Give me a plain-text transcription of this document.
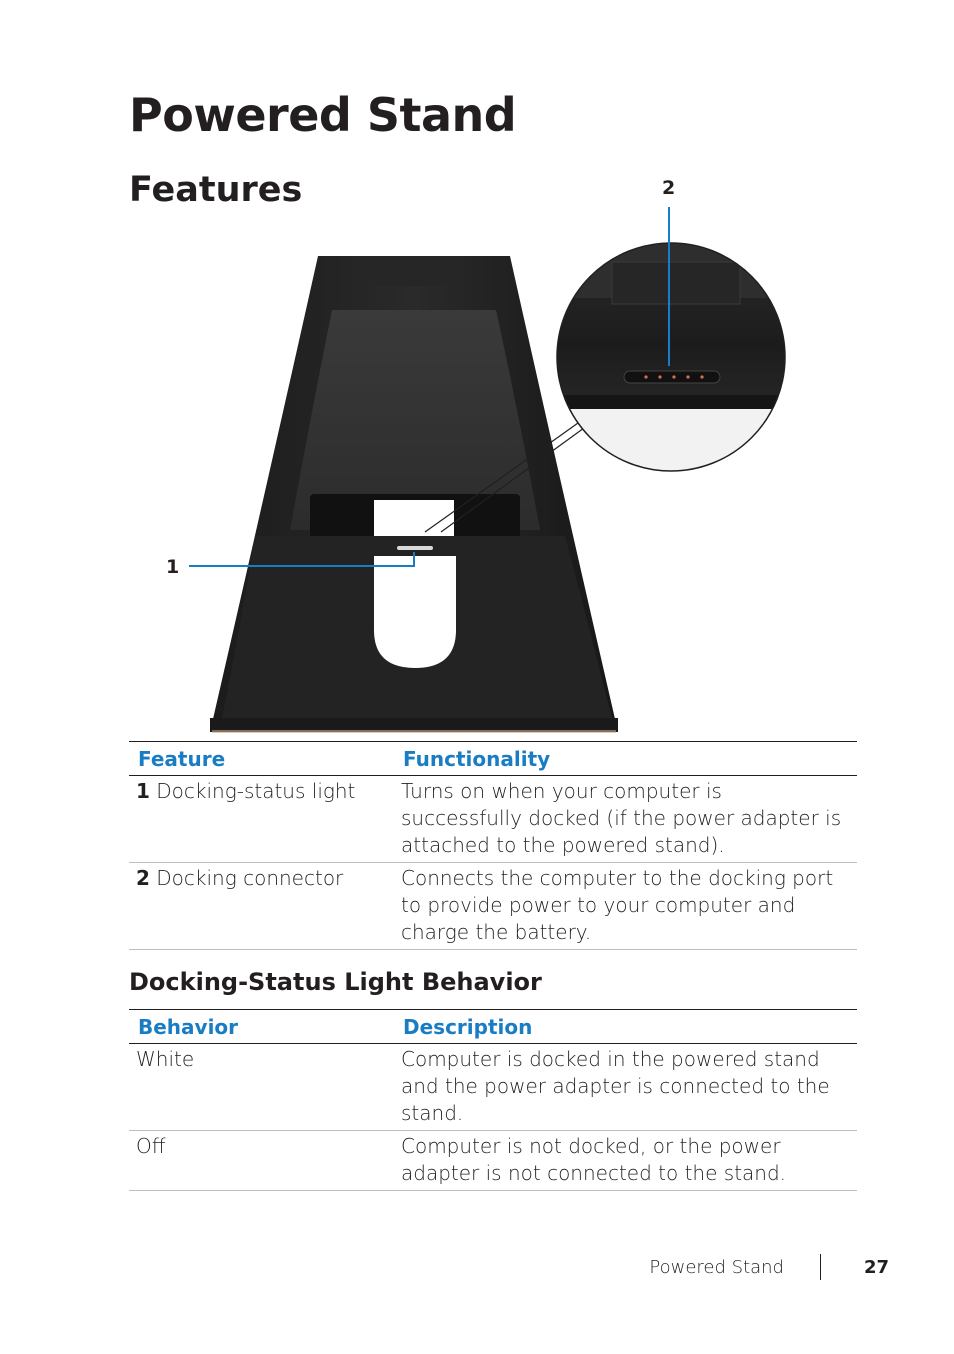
Powered Stand
Features
1
2
Feature	Functionality
1 Docking-status light	Turns on when your computer is successfully docked (if the power adapter is attached to the powered stand).
2 Docking connector	Connects the computer to the docking port to provide power to your computer and charge the battery.
Docking-Status Light Behavior
Behavior	Description
White	Computer is docked in the powered stand and the power adapter is connected to the stand.
Off	Computer is not docked, or the power adapter is not connected to the stand.
Powered Stand	27
